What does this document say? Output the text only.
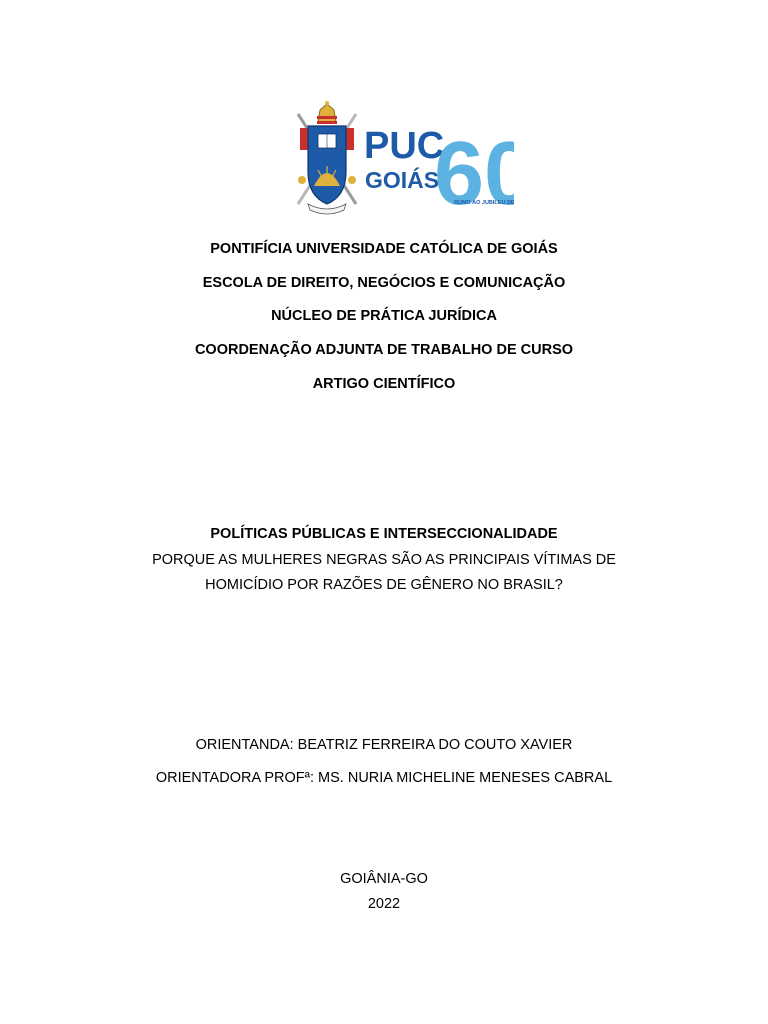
PUC
GOIÁS
60
1959 · 2019
RUMO AO JUBILEU DE
PONTIFÍCIA UNIVERSIDADE CATÓLICA DE GOIÁS
ESCOLA DE DIREITO, NEGÓCIOS E COMUNICAÇÃO
NÚCLEO DE PRÁTICA JURÍDICA
COORDENAÇÃO ADJUNTA DE TRABALHO DE CURSO
ARTIGO CIENTÍFICO
POLÍTICAS PÚBLICAS E INTERSECCIONALIDADE
PORQUE AS MULHERES NEGRAS SÃO AS PRINCIPAIS VÍTIMAS DE
HOMICÍDIO POR RAZÕES DE GÊNERO NO BRASIL?
ORIENTANDA: BEATRIZ FERREIRA DO COUTO XAVIER
ORIENTADORA PROFª: MS. NURIA MICHELINE MENESES CABRAL
GOIÂNIA-GO
2022
